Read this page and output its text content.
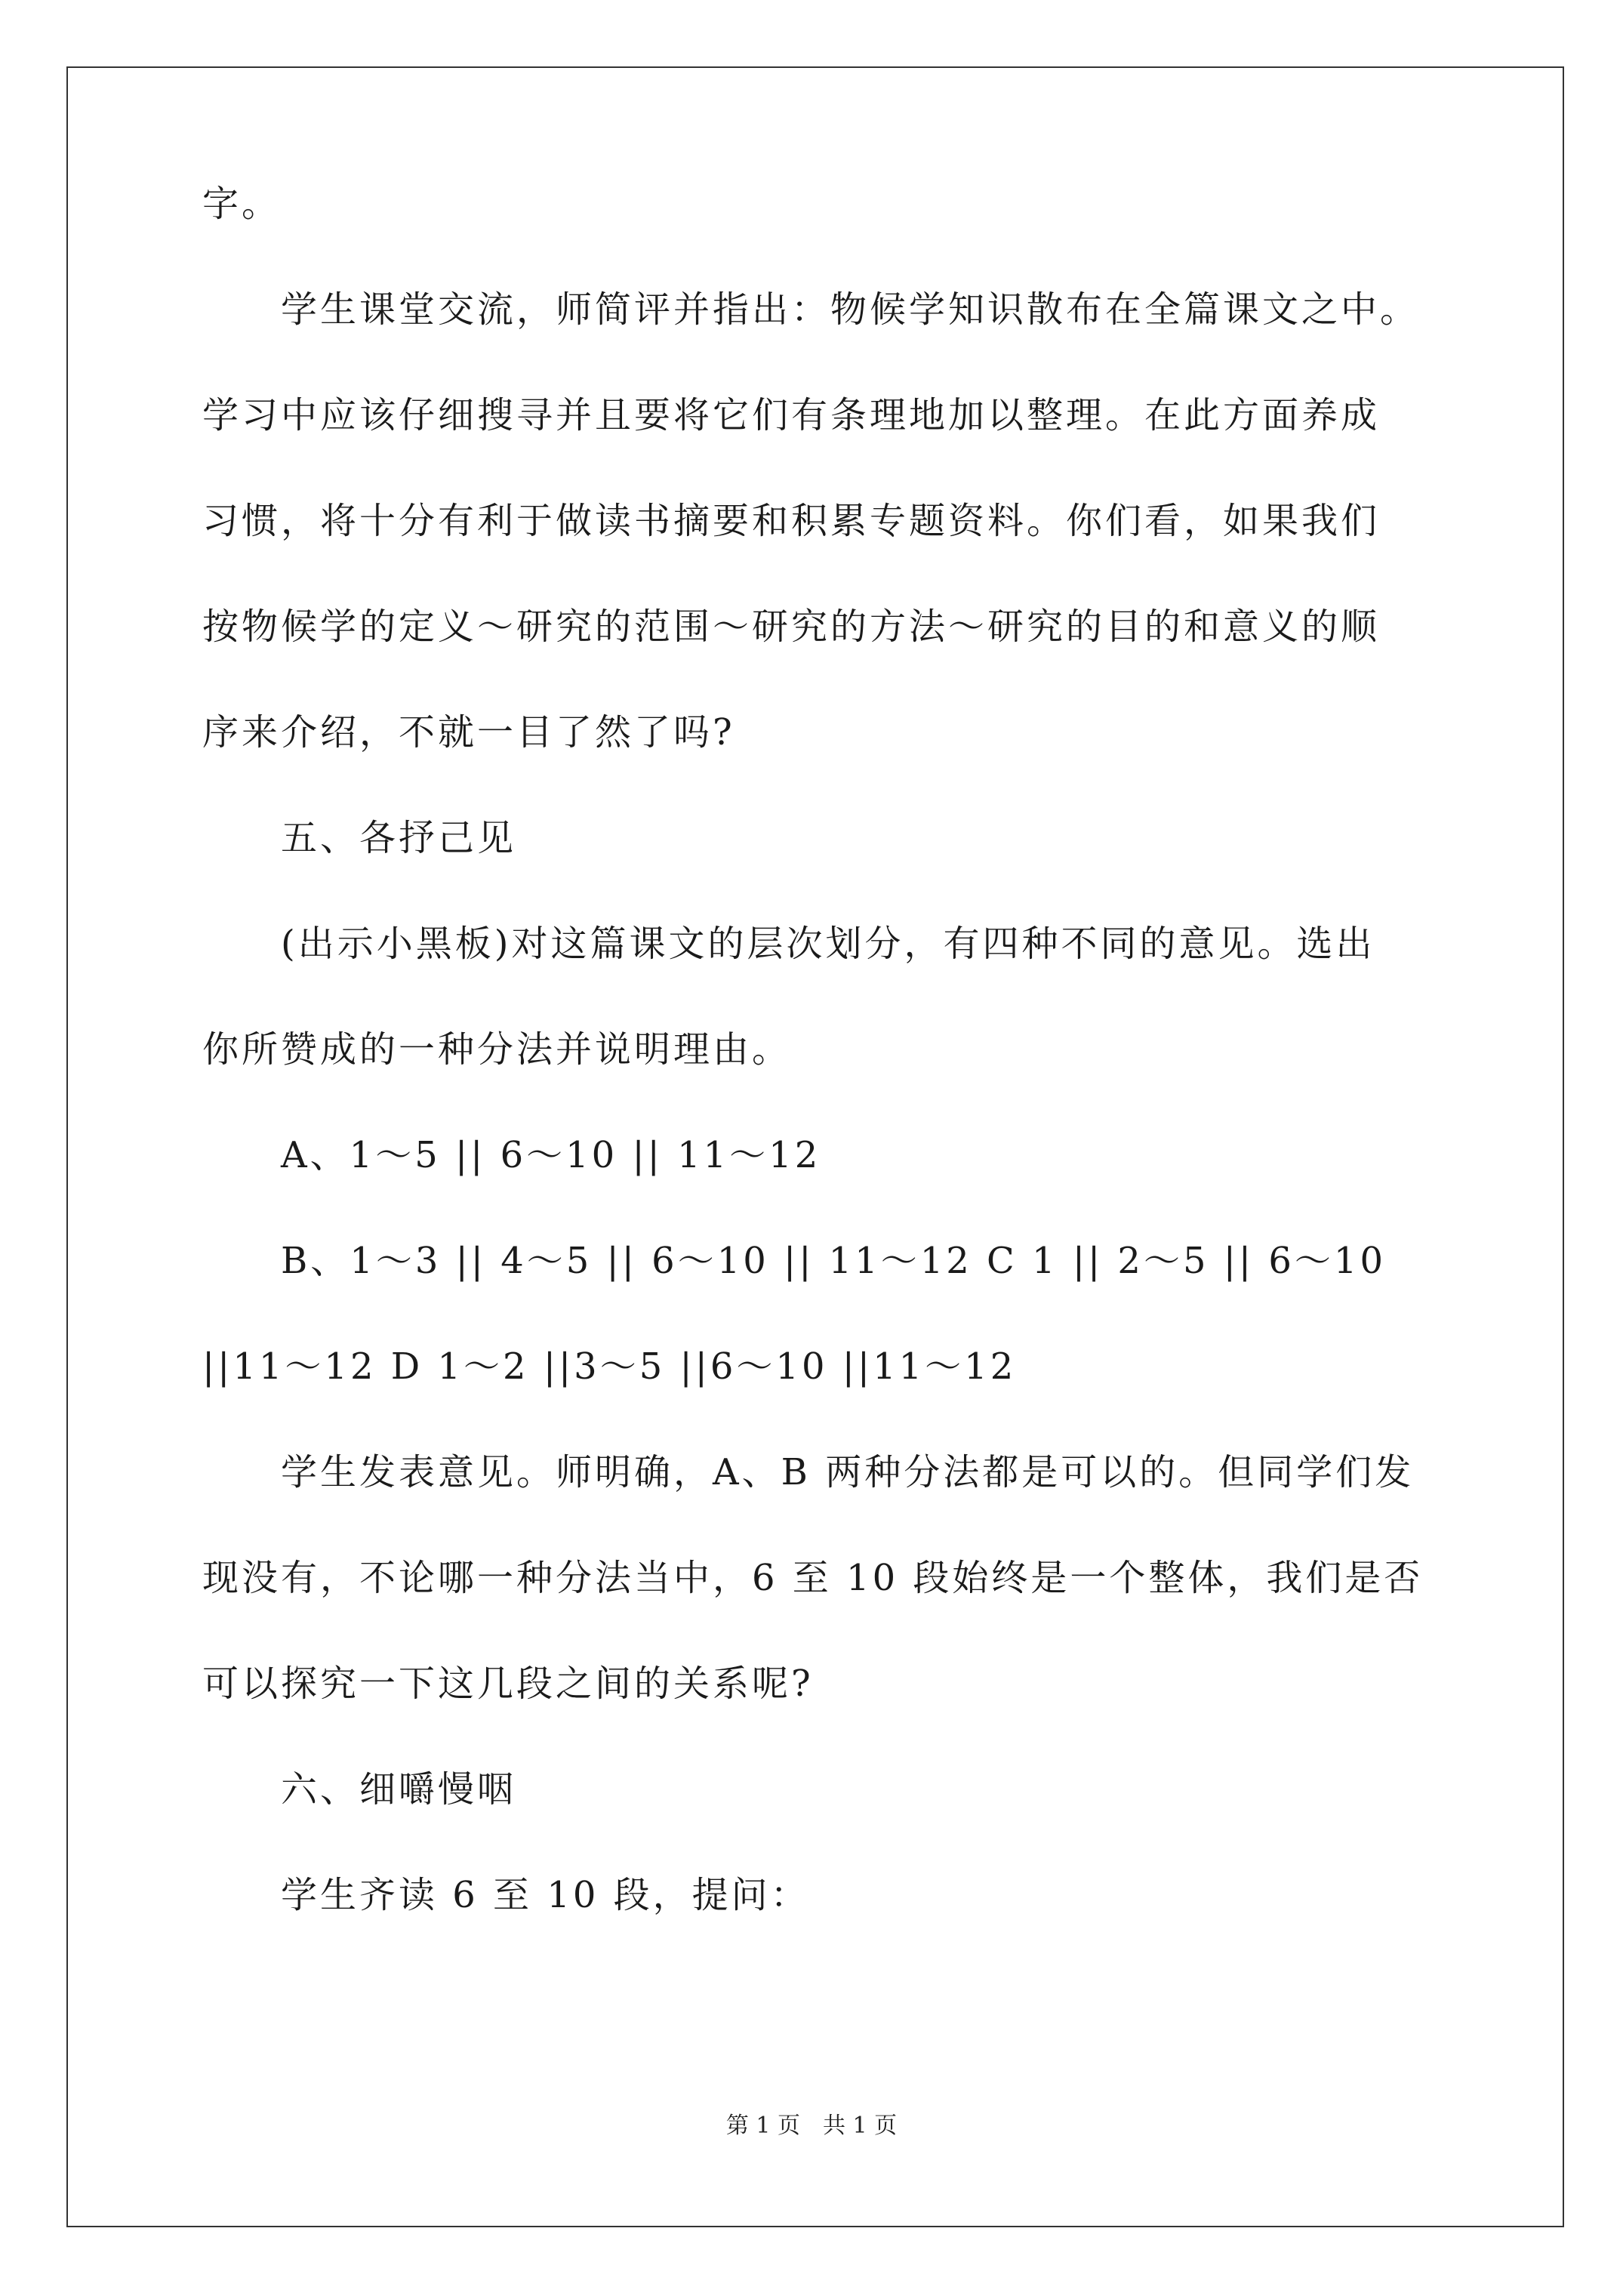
字。
学生课堂交流，师简评并指出：物候学知识散布在全篇课文之中。
学习中应该仔细搜寻并且要将它们有条理地加以整理。在此方面养成
习惯，将十分有利于做读书摘要和积累专题资料。你们看，如果我们
按物候学的定义～研究的范围～研究的方法～研究的目的和意义的顺
序来介绍，不就一目了然了吗?
五、各抒己见
(出示小黑板)对这篇课文的层次划分，有四种不同的意见。选出
你所赞成的一种分法并说明理由。
A、1～5 || 6～10 || 11～12
B、1～3 || 4～5 || 6～10 || 11～12 C 1 || 2～5 || 6～10
||11～12 D 1～2 ||3～5 ||6～10 ||11～12
学生发表意见。师明确，A、B 两种分法都是可以的。但同学们发
现没有，不论哪一种分法当中，6 至 10 段始终是一个整体，我们是否
可以探究一下这几段之间的关系呢?
六、细嚼慢咽
学生齐读 6 至 10 段，提问：
第 1 页　共 1 页
